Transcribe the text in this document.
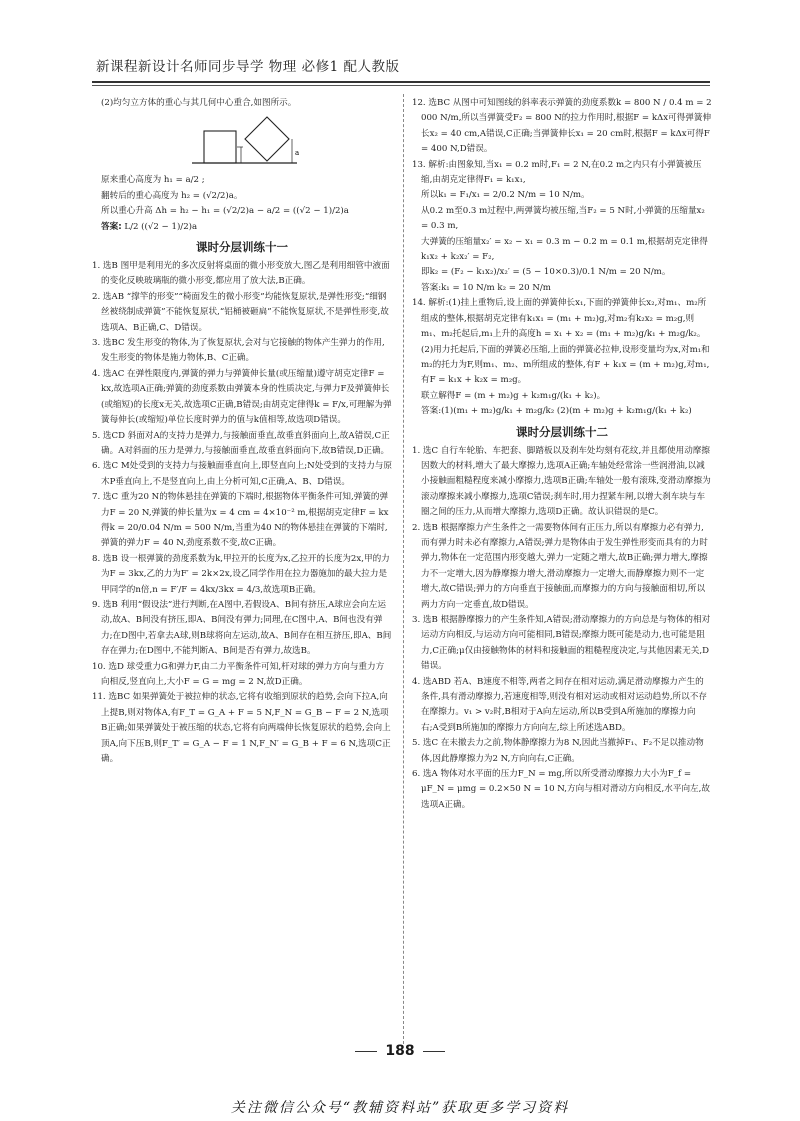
新课程新设计名师同步导学 物理 必修1 配人教版

(2)均匀立方体的重心与其几何中心重合,如图所示。

a

原来重心高度为 h₁ = a/2 ;

翻转后的重心高度为 h₂ = (√2/2)a。

所以重心升高 Δh = h₂ − h₁ = (√2/2)a − a/2 = ((√2 − 1)/2)a

答案: L/2 ((√2 − 1)/2)a

课时分层训练十一

1. 选B 图甲是利用光的多次反射将桌面的微小形变放大,图乙是利用细管中液面的变化反映玻璃瓶的微小形变,都应用了放大法,B正确。

2. 选AB “撑竿的形变”“椅面发生的微小形变”均能恢复原状,是弹性形变;“细钢丝被绕制成弹簧”不能恢复原状,“铝桶被砸扁”不能恢复原状,不是弹性形变,故选项A、B正确,C、D错误。

3. 选BC 发生形变的物体,为了恢复原状,会对与它接触的物体产生弹力的作用,发生形变的物体是施力物体,B、C正确。

4. 选AC 在弹性限度内,弹簧的弹力与弹簧伸长量(或压缩量)遵守胡克定律F = kx,故选项A正确;弹簧的劲度系数由弹簧本身的性质决定,与弹力F及弹簧伸长(或缩短)的长度x无关,故选项C正确,B错误;由胡克定律得k = F/x,可理解为弹簧每伸长(或缩短)单位长度时弹力的值与k值相等,故选项D错误。

5. 选CD 斜面对A的支持力是弹力,与接触面垂直,故垂直斜面向上,故A错误,C正确。A对斜面的压力是弹力,与接触面垂直,故垂直斜面向下,故B错误,D正确。

6. 选C M处受到的支持力与接触面垂直向上,即竖直向上;N处受到的支持力与原木P垂直向上,不是竖直向上,由上分析可知,C正确,A、B、D错误。

7. 选C 重为20 N的物体悬挂在弹簧的下端时,根据物体平衡条件可知,弹簧的弹力F = 20 N,弹簧的伸长量为x = 4 cm = 4×10⁻² m,根据胡克定律F = kx得k = 20/0.04 N/m = 500 N/m,当重为40 N的物体悬挂在弹簧的下端时,弹簧的弹力F = 40 N,劲度系数不变,故C正确。

8. 选B 设一根弹簧的劲度系数为k,甲拉开的长度为x,乙拉开的长度为2x,甲的力为F = 3kx,乙的力为F′ = 2k×2x,设乙同学作用在拉力器施加的最大拉力是甲同学的n倍,n = F′/F = 4kx/3kx = 4/3,故选项B正确。

9. 选B 利用“假设法”进行判断,在A图中,若假设A、B间有挤压,A球应会向左运动,故A、B间没有挤压,即A、B间没有弹力;同理,在C图中,A、B间也没有弹力;在D图中,若拿去A球,则B球将向左运动,故A、B间存在相互挤压,即A、B间存在弹力;在D图中,不能判断A、B间是否有弹力,故选B。

10. 选D 球受重力G和弹力F,由二力平衡条件可知,杆对球的弹力方向与重力方向相反,竖直向上,大小F = G = mg = 2 N,故D正确。

11. 选BC 如果弹簧处于被拉伸的状态,它将有收缩到原状的趋势,会向下拉A,向上提B,则对物体A,有F_T = G_A + F = 5 N,F_N = G_B − F = 2 N,选项B正确;如果弹簧处于被压缩的状态,它将有向两端伸长恢复原状的趋势,会向上顶A,向下压B,则F_T′ = G_A − F = 1 N,F_N′ = G_B + F = 6 N,选项C正确。

12. 选BC 从图中可知图线的斜率表示弹簧的劲度系数k = 800 N / 0.4 m = 2 000 N/m,所以当弹簧受F₂ = 800 N的拉力作用时,根据F = kΔx可得弹簧伸长x₂ = 40 cm,A错误,C正确;当弹簧伸长x₁ = 20 cm时,根据F = kΔx可得F = 400 N,D错误。

13. 解析:由图象知,当x₁ = 0.2 m时,F₁ = 2 N,在0.2 m之内只有小弹簧被压缩,由胡克定律得F₁ = k₁x₁,

所以k₁ = F₁/x₁ = 2/0.2 N/m = 10 N/m。

从0.2 m至0.3 m过程中,两弹簧均被压缩,当F₂ = 5 N时,小弹簧的压缩量x₂ = 0.3 m,

大弹簧的压缩量x₂′ = x₂ − x₁ = 0.3 m − 0.2 m = 0.1 m,根据胡克定律得k₁x₂ + k₂x₂′ = F₂,

即k₂ = (F₂ − k₁x₂)/x₂′ = (5 − 10×0.3)/0.1 N/m = 20 N/m。

答案:k₁ = 10 N/m k₂ = 20 N/m

14. 解析:(1)挂上重物后,设上面的弹簧伸长x₁,下面的弹簧伸长x₂,对m₁、m₂所组成的整体,根据胡克定律有k₁x₁ = (m₁ + m₂)g,对m₂有k₂x₂ = m₂g,则m₁、m₂托起后,m₁上升的高度h = x₁ + x₂ = (m₁ + m₂)g/k₁ + m₂g/k₂。

(2)用力托起后,下面的弹簧必压缩,上面的弹簧必拉伸,设形变量均为x,对m₁和m₂的托力为F,则m₁、m₂、m所组成的整体,有F + k₁x = (m + m₂)g,对m₁,有F = k₁x + k₂x = m₂g。

联立解得F = (m + m₂)g + k₂m₁g/(k₁ + k₂)。

答案:(1)(m₁ + m₂)g/k₁ + m₂g/k₂ (2)(m + m₂)g + k₂m₁g/(k₁ + k₂)

课时分层训练十二

1. 选C 自行车轮胎、车把套、脚踏板以及刹车处均刻有花纹,并且都使用动摩擦因数大的材料,增大了最大摩擦力,选项A正确;车轴处经常涂一些润滑油,以减小接触面粗糙程度来减小摩擦力,选项B正确;车轴处一般有滚珠,变滑动摩擦为滚动摩擦来减小摩擦力,选项C错误;刹车时,用力捏紧车闸,以增大刹车块与车圈之间的压力,从而增大摩擦力,选项D正确。故认识错误的是C。

2. 选B 根据摩擦力产生条件之一需要物体间有正压力,所以有摩擦力必有弹力,而有弹力时未必有摩擦力,A错误;弹力是物体由于发生弹性形变而具有的力时弹力,物体在一定范围内形变越大,弹力一定随之增大,故B正确;弹力增大,摩擦力不一定增大,因为静摩擦力增大,滑动摩擦力一定增大,而静摩擦力则不一定增大,故C错误;弹力的方向垂直于接触面,而摩擦力的方向与接触面相切,所以两力方向一定垂直,故D错误。

3. 选B 根据静摩擦力的产生条件知,A错误;滑动摩擦力的方向总是与物体的相对运动方向相反,与运动方向可能相同,B错误;摩擦力既可能是动力,也可能是阻力,C正确;μ仅由接触物体的材料和接触面的粗糙程度决定,与其他因素无关,D错误。

4. 选ABD 若A、B速度不相等,两者之间存在相对运动,满足滑动摩擦力产生的条件,具有滑动摩擦力,若速度相等,则没有相对运动或相对运动趋势,所以不存在摩擦力。v₁ > v₂时,B相对于A向左运动,所以B受到A所施加的摩擦力向右;A受到B所施加的摩擦力方向向左,综上所述选ABD。

5. 选C 在未撤去力之前,物体静摩擦力为8 N,因此当撤掉F₁、F₂不足以推动物体,因此静摩擦力为2 N,方向向右,C正确。

6. 选A 物体对水平面的压力F_N = mg,所以所受滑动摩擦力大小为F_f = μF_N = μmg = 0.2×50 N = 10 N,方向与相对滑动方向相反,水平向左,故选项A正确。

188
关注微信公众号“教辅资料站”获取更多学习资料
